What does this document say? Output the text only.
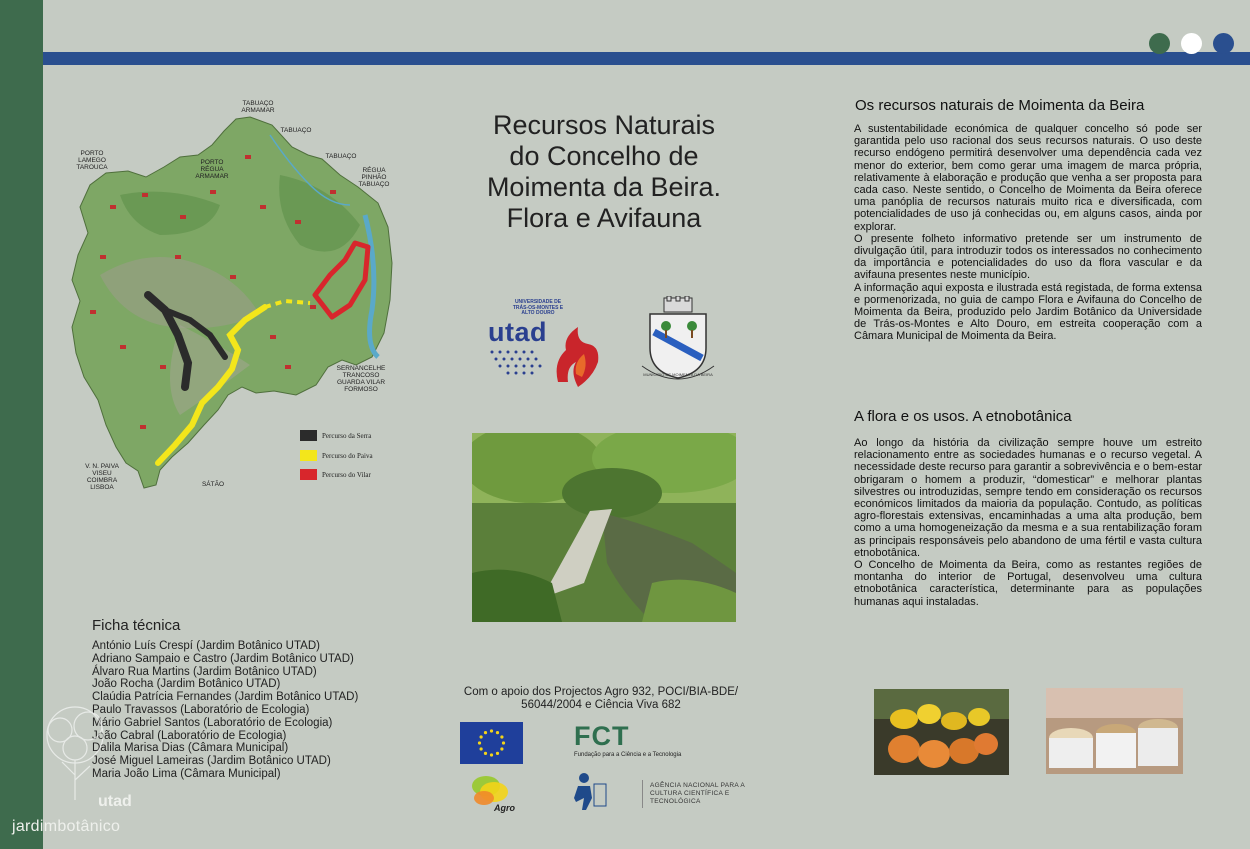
TABUAÇO ARMAMAR
TABUAÇO
TABUAÇO
PORTO LAMEGO TAROUCA
PORTO RÉGUA ARMAMAR
RÉGUA PINHÃO TABUAÇO
SERNANCELHE TRANCOSO GUARDA VILAR FORMOSO
V. N. PAIVA VISEU COIMBRA LISBOA	SÁTÃO
Percurso da Serra
Percurso do Paiva
Percurso do Vilar
Recursos Naturais
do Concelho de
Moimenta da Beira.
Flora e Avifauna
UNIVERSIDADE DE TRÁS-OS-MONTES E ALTO DOURO
utad
MUNICÍPIO DE MOIMENTA DA BEIRA
Os recursos naturais de Moimenta da Beira

A sustentabilidade económica de qualquer concelho só pode ser garantida pelo uso racional dos seus recursos naturais. O uso deste recurso endógeno permitirá desenvolver uma dependência cada vez menor do exterior, bem como gerar uma imagem de marca própria, relativamente à elaboração e produção que venha a ser proposta para cada caso. Neste sentido, o Concelho de Moimenta da Beira oferece uma panóplia de recursos naturais muito rica e diversificada, com potencialidades de uso já conhecidas ou, em alguns casos, ainda por explorar.

O presente folheto informativo pretende ser um instrumento de divulgação útil, para introduzir todos os interessados no conhecimento da importância e potencialidades do uso da flora vascular e da avifauna presentes neste município.

A informação aqui exposta e ilustrada está registada, de forma extensa e pormenorizada, no guia de campo Flora e Avifauna do Concelho de Moimenta da Beira, produzido pelo Jardim Botânico da Universidade de Trás-os-Montes e Alto Douro, em estreita cooperação com a Câmara Municipal de Moimenta da Beira.

A flora e os usos. A etnobotânica

Ao longo da história da civilização sempre houve um estreito relacionamento entre as sociedades humanas e o recurso vegetal. A necessidade deste recurso para garantir a sobrevivência e o bem-estar obrigaram o homem a produzir, “domesticar” e melhorar plantas silvestres ou introduzidas, sempre tendo em consideração os recursos económicos limitados da maioria da população. Contudo, as políticas agro-florestais extensivas, encaminhadas a uma alta produção, bem como a uma homogeneização da mesma e a sua rentabilização foram as principais responsáveis pelo abandono de uma fértil e vasta cultura etnobotânica.

O Concelho de Moimenta da Beira, como as restantes regiões de montanha do interior de Portugal, desenvolveu uma cultura etnobotânica característica, determinante para as populações humanas aqui instaladas.

Ficha técnica
António Luís Crespí (Jardim Botânico UTAD)
Adriano Sampaio e Castro (Jardim Botânico UTAD)
Álvaro Rua Martins (Jardim Botânico UTAD)
João Rocha (Jardim Botânico UTAD)
Claúdia Patrícia Fernandes (Jardim Botânico UTAD)
Paulo Travassos (Laboratório de Ecologia)
Mário Gabriel Santos (Laboratório de Ecologia)
João Cabral (Laboratório de Ecologia)
Dalila Marisa Dias (Câmara Municipal)
José Miguel Lameiras (Jardim Botânico UTAD)
Maria João Lima (Câmara Municipal)
utad
jardimbotânico
Com o apoio dos Projectos Agro 932, POCI/BIA-BDE/
56044/2004 e Ciência Viva 682
FCT
Fundação para a Ciência e a Tecnologia
Agro
AGÊNCIA NACIONAL PARA A CULTURA CIENTÍFICA E TECNOLÓGICA
